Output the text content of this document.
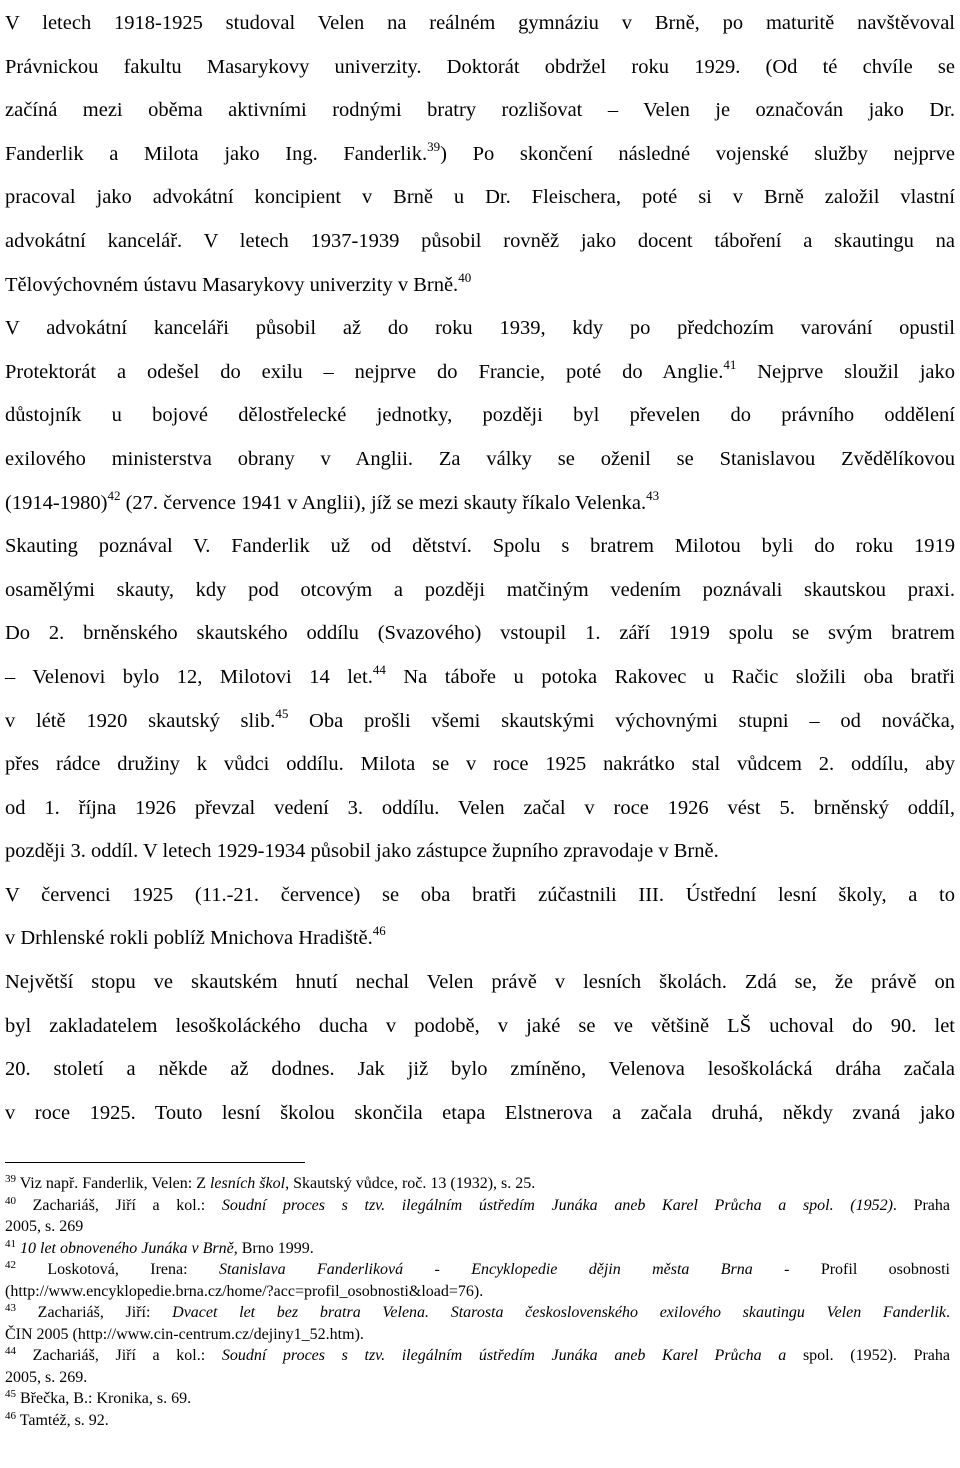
V letech 1918-1925 studoval Velen na reálném gymnáziu v Brně, po maturitě navštěvoval
Právnickou fakultu Masarykovy univerzity. Doktorát obdržel roku 1929. (Od té chvíle se
začíná mezi oběma aktivními rodnými bratry rozlišovat – Velen je označován jako Dr.
Fanderlik a Milota jako Ing. Fanderlik.$^{39}$) Po skončení následné vojenské služby nejprve
pracoval jako advokátní koncipient v Brně u Dr. Fleischera, poté si v Brně založil vlastní
advokátní kancelář. V letech 1937-1939 působil rovněž jako docent táboření a skautingu na
Tělovýchovném ústavu Masarykovy univerzity v Brně.$^{40}$
V advokátní kanceláři působil až do roku 1939, kdy po předchozím varování opustil
Protektorát a odešel do exilu – nejprve do Francie, poté do Anglie.$^{41}$ Nejprve sloužil jako
důstojník u bojové dělostřelecké jednotky, později byl převelen do právního oddělení
exilového ministerstva obrany v Anglii. Za války se oženil se Stanislavou Zvědělíkovou
(1914-1980)$^{42}$ (27. července 1941 v Anglii), jíž se mezi skauty říkalo Velenka.$^{43}$
Skauting poznával V. Fanderlik už od dětství. Spolu s bratrem Milotou byli do roku 1919
osamělými skauty, kdy pod otcovým a později matčiným vedením poznávali skautskou praxi.
Do 2. brněnského skautského oddílu (Svazového) vstoupil 1. září 1919 spolu se svým bratrem
– Velenovi bylo 12, Milotovi 14 let.$^{44}$ Na táboře u potoka Rakovec u Račic složili oba bratři
v létě 1920 skautský slib.$^{45}$ Oba prošli všemi skautskými výchovnými stupni – od nováčka,
přes rádce družiny k vůdci oddílu. Milota se v roce 1925 nakrátko stal vůdcem 2. oddílu, aby
od 1. října 1926 převzal vedení 3. oddílu. Velen začal v roce 1926 vést 5. brněnský oddíl,
později 3. oddíl. V letech 1929-1934 působil jako zástupce župního zpravodaje v Brně.
V červenci 1925 (11.-21. července) se oba bratři zúčastnili III. Ústřední lesní školy, a to
v Drhlenské rokli poblíž Mnichova Hradiště.$^{46}$
Největší stopu ve skautském hnutí nechal Velen právě v lesních školách. Zdá se, že právě on
byl zakladatelem lesoškoláckého ducha v podobě, v jaké se ve většině LŠ uchoval do 90. let
20. století a někde až dodnes. Jak již bylo zmíněno, Velenova lesoškolácká dráha začala
v roce 1925. Touto lesní školou skončila etapa Elstnerova a začala druhá, někdy zvaná jako
$^{39}$ Viz např. Fanderlik, Velen: Z lesních škol, Skautský vůdce, roč. 13 (1932), s. 25.
$^{40}$ Zachariáš, Jiří a kol.: Soudní proces s tzv. ilegálním ústředím Junáka aneb Karel Průcha a spol. (1952). Praha
2005, s. 269
$^{41}$ 10 let obnoveného Junáka v Brně, Brno 1999.
$^{42}$ Loskotová, Irena: Stanislava Fanderliková - Encyklopedie dějin města Brna - Profil osobnosti
(http://www.encyklopedie.brna.cz/home/?acc=profil_osobnosti&load=76).
$^{43}$ Zachariáš, Jiří: Dvacet let bez bratra Velena. Starosta československého exilového skautingu Velen Fanderlik.
ČIN 2005 (http://www.cin-centrum.cz/dejiny1_52.htm).
$^{44}$ Zachariáš, Jiří a kol.: Soudní proces s tzv. ilegálním ústředím Junáka aneb Karel Průcha a spol. (1952). Praha
2005, s. 269.
$^{45}$ Břečka, B.: Kronika, s. 69.
$^{46}$ Tamtéž, s. 92.
